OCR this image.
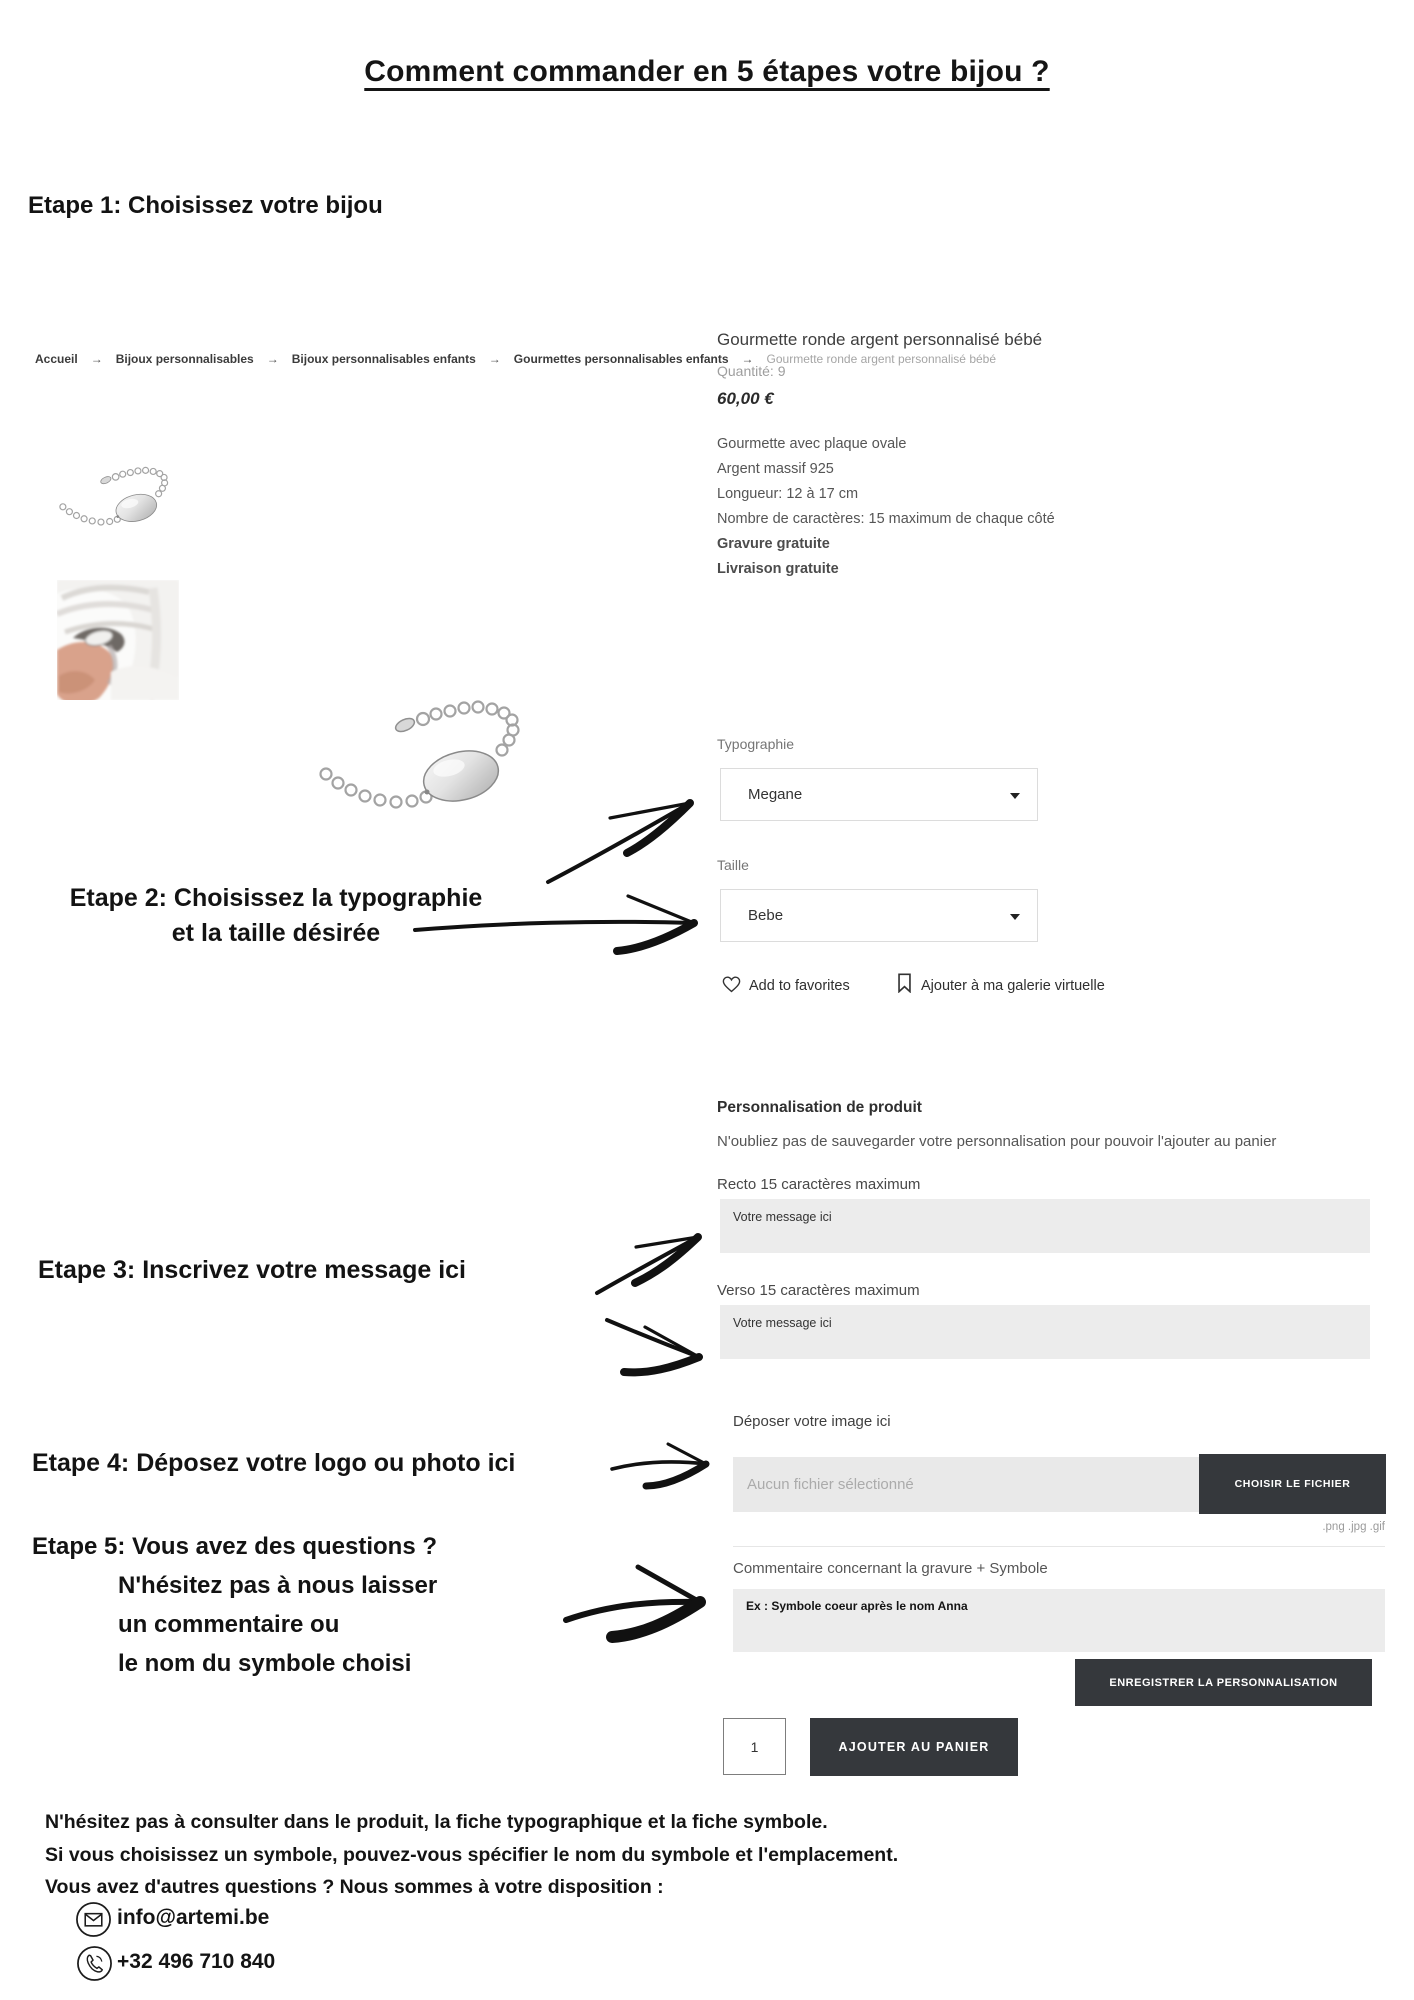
Comment commander en 5 étapes votre bijou ?
Etape 1: Choisissez votre bijou
Accueil → Bijoux personnalisables → Bijoux personnalisables enfants → Gourmettes personnalisables enfants → Gourmette ronde argent personnalisé bébé
Gourmette ronde argent personnalisé bébé
Quantité: 9
60,00 €
Gourmette avec plaque ovale
Argent massif 925
Longueur: 12 à 17 cm
Nombre de caractères: 15 maximum de chaque côté
Gravure gratuite
Livraison gratuite
Typographie
Megane
Taille
Bebe
Add to favorites	Ajouter à ma galerie virtuelle
Personnalisation de produit
N'oubliez pas de sauvegarder votre personnalisation pour pouvoir l'ajouter au panier
Recto 15 caractères maximum
Votre message ici
Verso 15 caractères maximum
Votre message ici
Déposer votre image ici
Aucun fichier sélectionné	CHOISIR LE FICHIER
.png .jpg .gif
Commentaire concernant la gravure + Symbole
Ex : Symbole coeur après le nom Anna
ENREGISTRER LA PERSONNALISATION
1	AJOUTER AU PANIER
Etape 2: Choisissez la typographie
et la taille désirée
Etape 3: Inscrivez votre message ici
Etape 4: Déposez votre logo ou photo ici
Etape 5: Vous avez des questions ?
N'hésitez pas à nous laisser
un commentaire ou
le nom du symbole choisi
N'hésitez pas à consulter dans le produit, la fiche typographique et la fiche symbole.
Si vous choisissez un symbole, pouvez-vous spécifier le nom du symbole et l'emplacement.
Vous avez d'autres questions ? Nous sommes à votre disposition :
info@artemi.be
+32 496 710 840
